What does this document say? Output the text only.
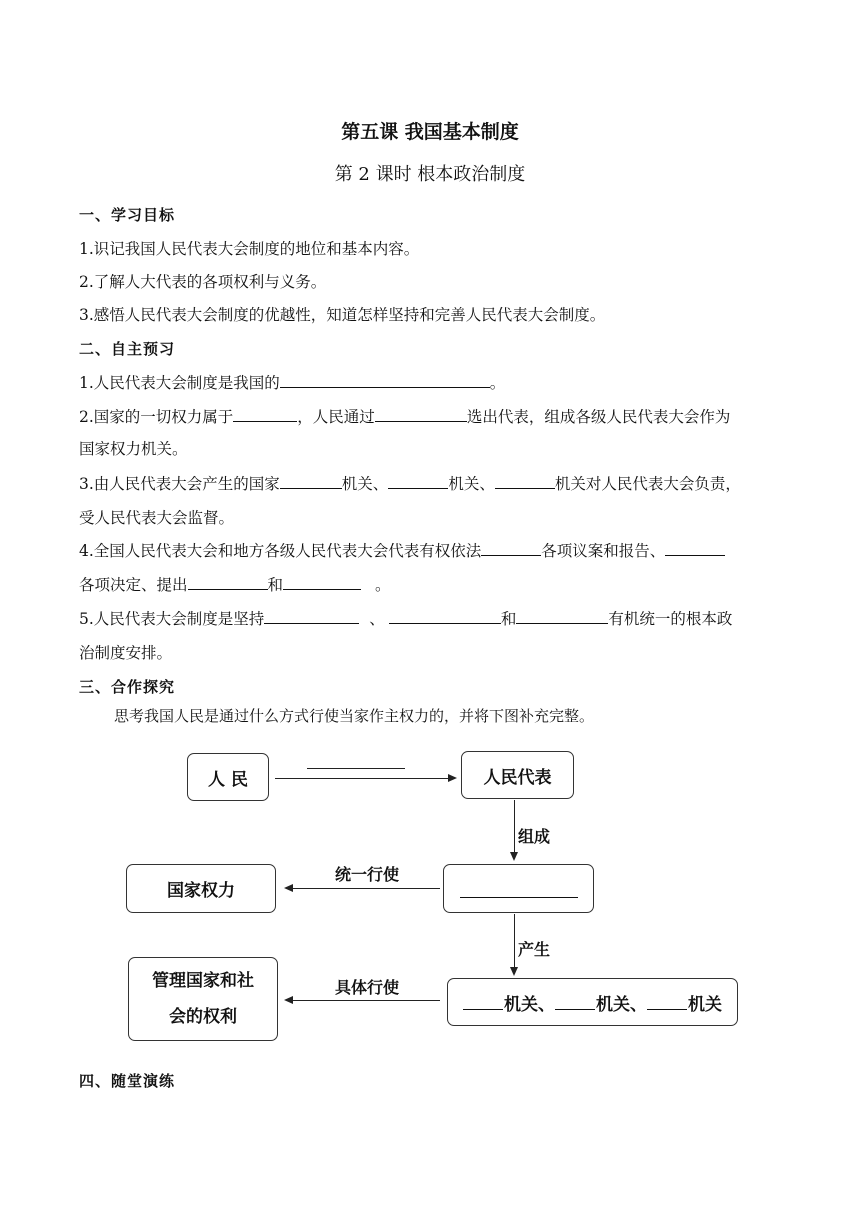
第五课 我国基本制度
第 2 课时 根本政治制度
一、学习目标
1.识记我国人民代表大会制度的地位和基本内容。
2.了解人大代表的各项权利与义务。
3.感悟人民代表大会制度的优越性，知道怎样坚持和完善人民代表大会制度。
二、自主预习
1.人民代表大会制度是我国的	。
2.国家的一切权力属于	，人民通过	选出代表，组成各级人民代表大会作为
国家权力机关。
3.由人民代表大会产生的国家	机关、	机关、	机关对人民代表大会负责，
受人民代表大会监督。
4.全国人民代表大会和地方各级人民代表大会代表有权依法	各项议案和报告、
各项决定、提出	和	。
5.人民代表大会制度是坚持	、	和	有机统一的根本政
治制度安排。
三、合作探究
思考我国人民是通过什么方式行使当家作主权力的，并将下图补充完整。
人 民	人民代表
组成
统一行使
国家权力
产生
机关、 机关、 机关
具体行使
管理国家和社
会的权利
四、随堂演练
